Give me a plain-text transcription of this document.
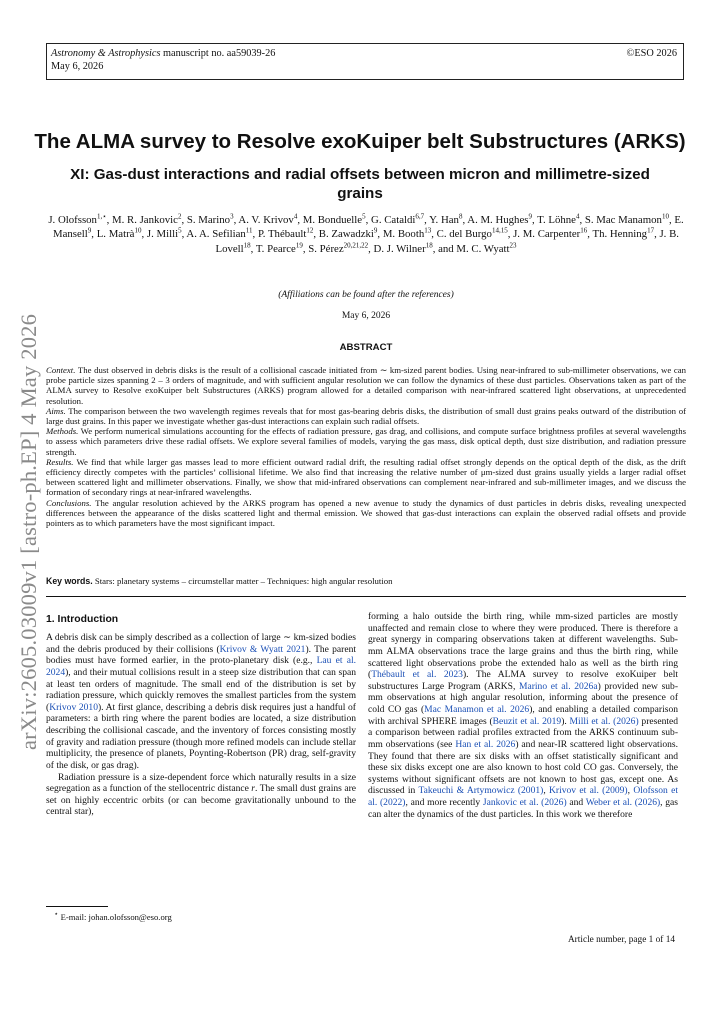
arXiv:2605.03009v1 [astro-ph.EP] 4 May 2026
Astronomy & Astrophysics manuscript no. aa59039-26
May 6, 2026
©ESO 2026
The ALMA survey to Resolve exoKuiper belt Substructures (ARKS)
XI: Gas-dust interactions and radial offsets between micron and millimetre-sized grains
J. Olofsson$^{1,⋆}$, M. R. Jankovic$^2$, S. Marino$^3$, A. V. Krivov$^4$, M. Bonduelle$^5$, G. Cataldi$^{6,7}$, Y. Han$^8$, A. M. Hughes$^9$, T. Löhne$^4$, S. Mac Manamon$^{10}$, E. Mansell$^9$, L. Matrà$^{10}$, J. Milli$^5$, A. A. Sefilian$^{11}$, P. Thébault$^{12}$, B. Zawadzki$^9$, M. Booth$^{13}$, C. del Burgo$^{14,15}$, J. M. Carpenter$^{16}$, Th. Henning$^{17}$, J. B. Lovell$^{18}$, T. Pearce$^{19}$, S. Pérez$^{20,21,22}$, D. J. Wilner$^{18}$, and M. C. Wyatt$^{23}$
(Affiliations can be found after the references)
May 6, 2026
ABSTRACT

Context. The dust observed in debris disks is the result of a collisional cascade initiated from ∼ km-sized parent bodies. Using near-infrared to sub-millimeter observations, we can probe particle sizes spanning 2 – 3 orders of magnitude, and with sufficient angular resolution we can follow the dynamics of these dust particles. Observations taken as part of the ALMA survey to Resolve exoKuiper belt Substructures (ARKS) program allowed for a detailed comparison with near-infrared scattered light observations, at unprecedented resolution.

Aims. The comparison between the two wavelength regimes reveals that for most gas-bearing debris disks, the distribution of small dust grains peaks outward of the distribution of large dust grains. In this paper we investigate whether gas-dust interactions can explain such radial offsets.

Methods. We perform numerical simulations accounting for the effects of radiation pressure, gas drag, and collisions, and compute surface brightness profiles at several wavelengths to assess which parameters drive these radial offsets. We explore several families of models, varying the gas mass, disk optical depth, dust size distribution, and radiation pressure strength.

Results. We find that while larger gas masses lead to more efficient outward radial drift, the resulting radial offset strongly depends on the optical depth of the disk, as the drift efficiency directly competes with the particles’ collisional lifetime. We also find that increasing the relative number of μm-sized dust grains usually yields a larger radial offset between scattered light and millimeter observations. Finally, we show that mid-infrared observations can complement near-infrared and sub-millimeter images, and we discuss the formation of secondary rings at near-infrared wavelengths.

Conclusions. The angular resolution achieved by the ARKS program has opened a new avenue to study the dynamics of dust particles in debris disks, revealing unexpected differences between the appearance of the disks scattered light and thermal emission. We showed that gas-dust interactions can explain the observed radial offsets and provide pointers as to which parameters have the most significant impact.

Key words. Stars: planetary systems – circumstellar matter – Techniques: high angular resolution
1. Introduction

A debris disk can be simply described as a collection of large ∼ km-sized bodies and the debris produced by their collisions (Krivov & Wyatt 2021). The parent bodies must have formed earlier, in the proto-planetary disk (e.g., Lau et al. 2024), and their mutual collisions result in a steep size distribution that can span at least ten orders of magnitude. The small end of the distribution is set by radiation pressure, which quickly removes the smallest particles from the system (Krivov 2010). At first glance, describing a debris disk requires just a handful of parameters: a birth ring where the parent bodies are located, a size distribution describing the collisional cascade, and the inventory of forces consisting mostly of gravity and radiation pressure (though more refined models can include stellar multiplicity, the presence of planets, Poynting-Robertson (PR) drag, self-gravity of the disk, or gas drag).

Radiation pressure is a size-dependent force which naturally results in a size segregation as a function of the stellocentric distance r. The small dust grains are set on highly eccentric orbits (or can become gravitationally unbound to the central star),

forming a halo outside the birth ring, while mm-sized particles are mostly unaffected and remain close to where they were produced. There is therefore a great synergy in comparing observations taken at different wavelengths. Sub-mm ALMA observations trace the large grains and thus the birth ring, while scattered light observations probe the extended halo as well as the birth ring (Thébault et al. 2023). The ALMA survey to resolve exoKuiper belt substructures Large Program (ARKS, Marino et al. 2026a) provided new sub-mm observations at high angular resolution, informing about the presence of cold CO gas (Mac Manamon et al. 2026), and enabling a detailed comparison with archival SPHERE images (Beuzit et al. 2019). Milli et al. (2026) presented a comparison between radial profiles extracted from the ARKS continuum sub-mm observations (see Han et al. 2026) and near-IR scattered light observations. They found that there are six disks with an offset statistically significant and these six disks except one are also known to host cold CO gas. Conversely, the systems without significant offsets are not known to host gas, except one. As discussed in Takeuchi & Artymowicz (2001), Krivov et al. (2009), Olofsson et al. (2022), and more recently Jankovic et al. (2026) and Weber et al. (2026), gas can alter the dynamics of the dust particles. In this work we therefore

⋆ E-mail: johan.olofsson@eso.org
Article number, page 1 of 14
